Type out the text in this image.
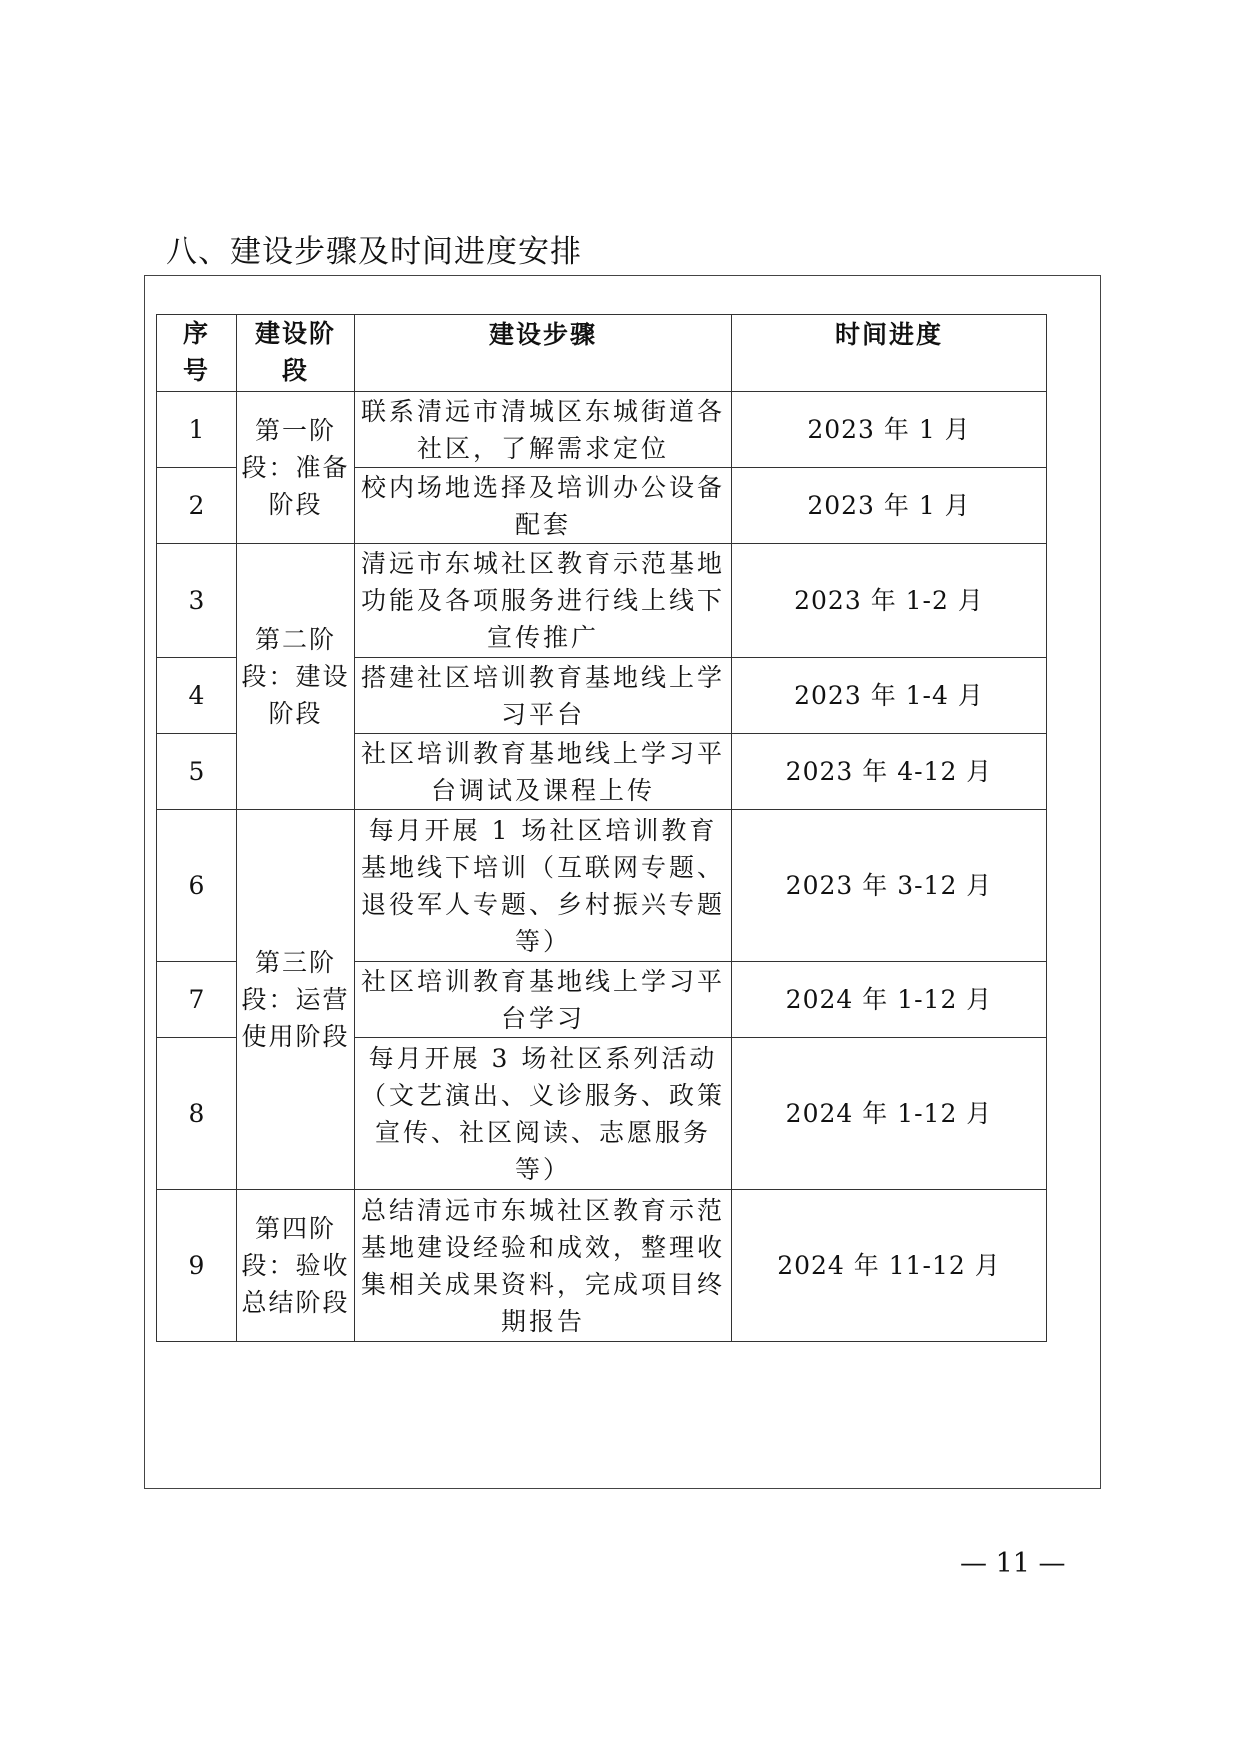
八、建设步骤及时间进度安排
序号	建设阶段	建设步骤	时间进度
1	第一阶段：准备阶段	联系清远市清城区东城街道各社区，了解需求定位	2023 年 1 月
2		校内场地选择及培训办公设备配套	2023 年 1 月
3	第二阶段：建设阶段	清远市东城社区教育示范基地功能及各项服务进行线上线下宣传推广	2023 年 1-2 月
4		搭建社区培训教育基地线上学习平台	2023 年 1-4 月
5		社区培训教育基地线上学习平台调试及课程上传	2023 年 4-12 月
6	第三阶段：运营使用阶段	每月开展 1 场社区培训教育基地线下培训（互联网专题、退役军人专题、乡村振兴专题等）	2023 年 3-12 月
7		社区培训教育基地线上学习平台学习	2024 年 1-12 月
8		每月开展 3 场社区系列活动（文艺演出、义诊服务、政策宣传、社区阅读、志愿服务等）	2024 年 1-12 月
9	第四阶段：验收总结阶段	总结清远市东城社区教育示范基地建设经验和成效，整理收集相关成果资料，完成项目终期报告	2024 年 11-12 月
— 11 —
